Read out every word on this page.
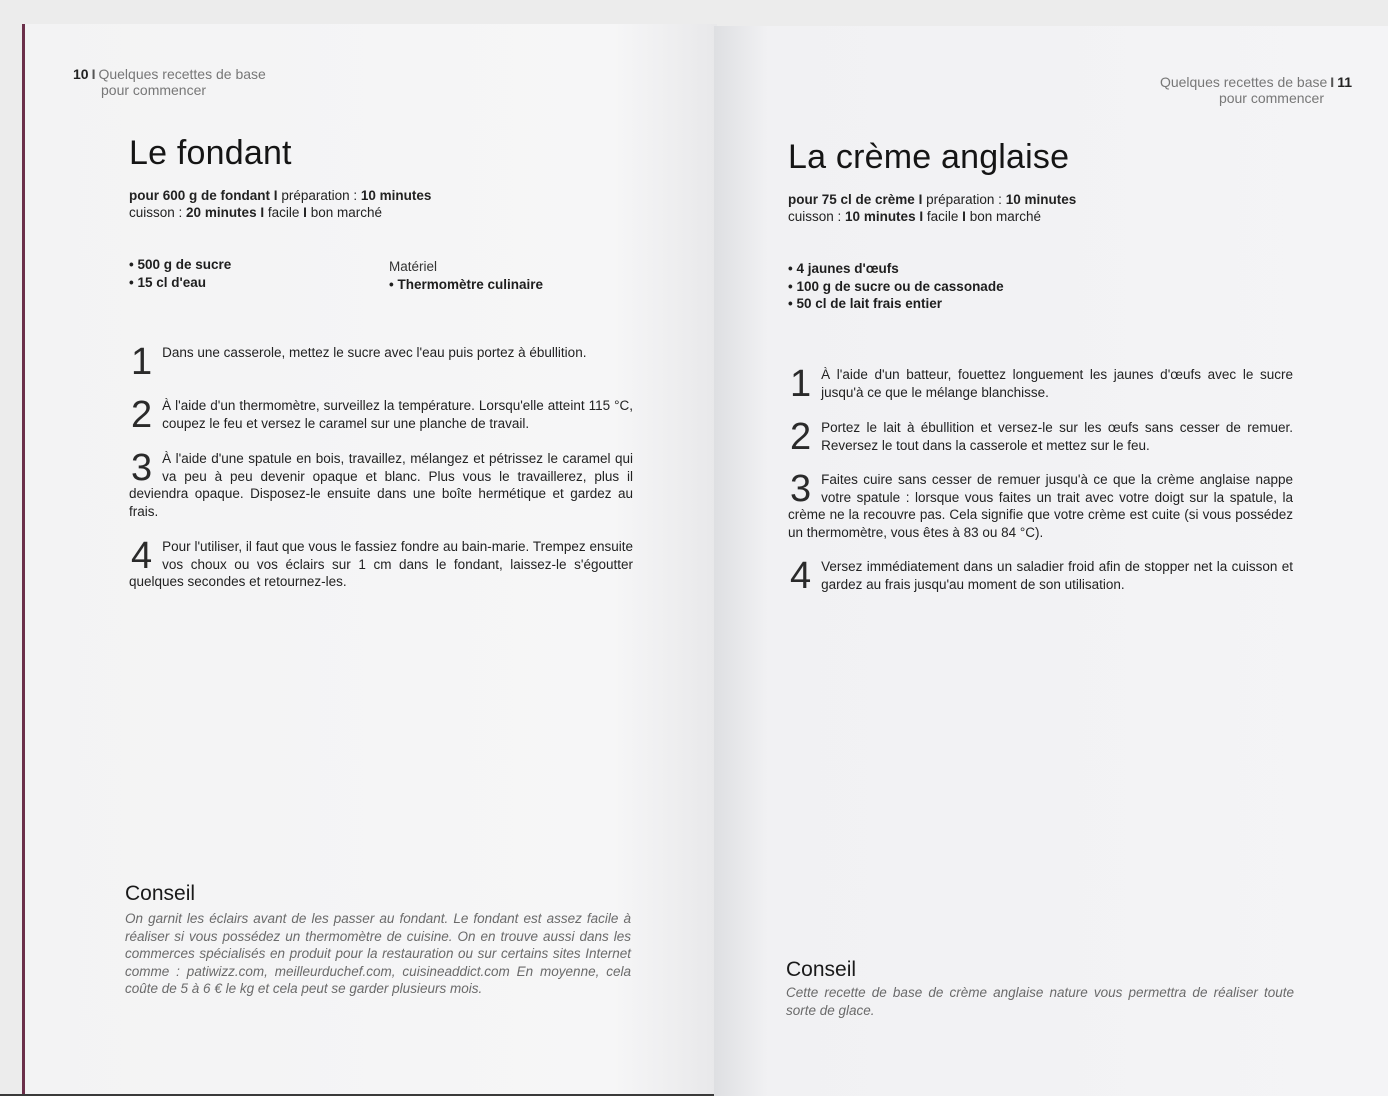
10 I Quelques recettes de base
pour commencer
Le fondant
pour 600 g de fondant I préparation : 10 minutes
cuisson : 20 minutes I facile I bon marché
• 500 g de sucre
• 15 cl d'eau
Matériel
• Thermomètre culinaire
1 Dans une casserole, mettez le sucre avec l'eau puis portez à ébullition.
2 À l'aide d'un thermomètre, surveillez la température. Lorsqu'elle atteint 115 °C, coupez le feu et versez le caramel sur une planche de travail.
3 À l'aide d'une spatule en bois, travaillez, mélangez et pétrissez le caramel qui va peu à peu devenir opaque et blanc. Plus vous le travaillerez, plus il deviendra opaque. Disposez-le ensuite dans une boîte hermétique et gardez au frais.
4 Pour l'utiliser, il faut que vous le fassiez fondre au bain-marie. Trempez ensuite vos choux ou vos éclairs sur 1 cm dans le fondant, laissez-le s'égoutter quelques secondes et retournez-les.
Conseil
On garnit les éclairs avant de les passer au fondant. Le fondant est assez facile à réaliser si vous possédez un thermomètre de cuisine. On en trouve aussi dans les commerces spécialisés en produit pour la restauration ou sur certains sites Internet comme : patiwizz.com, meilleurduchef.com, cuisineaddict.com En moyenne, cela coûte de 5 à 6 € le kg et cela peut se garder plusieurs mois.
Quelques recettes de base I 11
pour commencer
La crème anglaise
pour 75 cl de crème I préparation : 10 minutes
cuisson : 10 minutes I facile I bon marché
• 4 jaunes d'œufs
• 100 g de sucre ou de cassonade
• 50 cl de lait frais entier
1 À l'aide d'un batteur, fouettez longuement les jaunes d'œufs avec le sucre jusqu'à ce que le mélange blanchisse.
2 Portez le lait à ébullition et versez-le sur les œufs sans cesser de remuer. Reversez le tout dans la casserole et mettez sur le feu.
3 Faites cuire sans cesser de remuer jusqu'à ce que la crème anglaise nappe votre spatule : lorsque vous faites un trait avec votre doigt sur la spatule, la crème ne la recouvre pas. Cela signifie que votre crème est cuite (si vous possédez un thermomètre, vous êtes à 83 ou 84 °C).
4 Versez immédiatement dans un saladier froid afin de stopper net la cuisson et gardez au frais jusqu'au moment de son utilisation.
Conseil
Cette recette de base de crème anglaise nature vous permettra de réaliser toute sorte de glace.
